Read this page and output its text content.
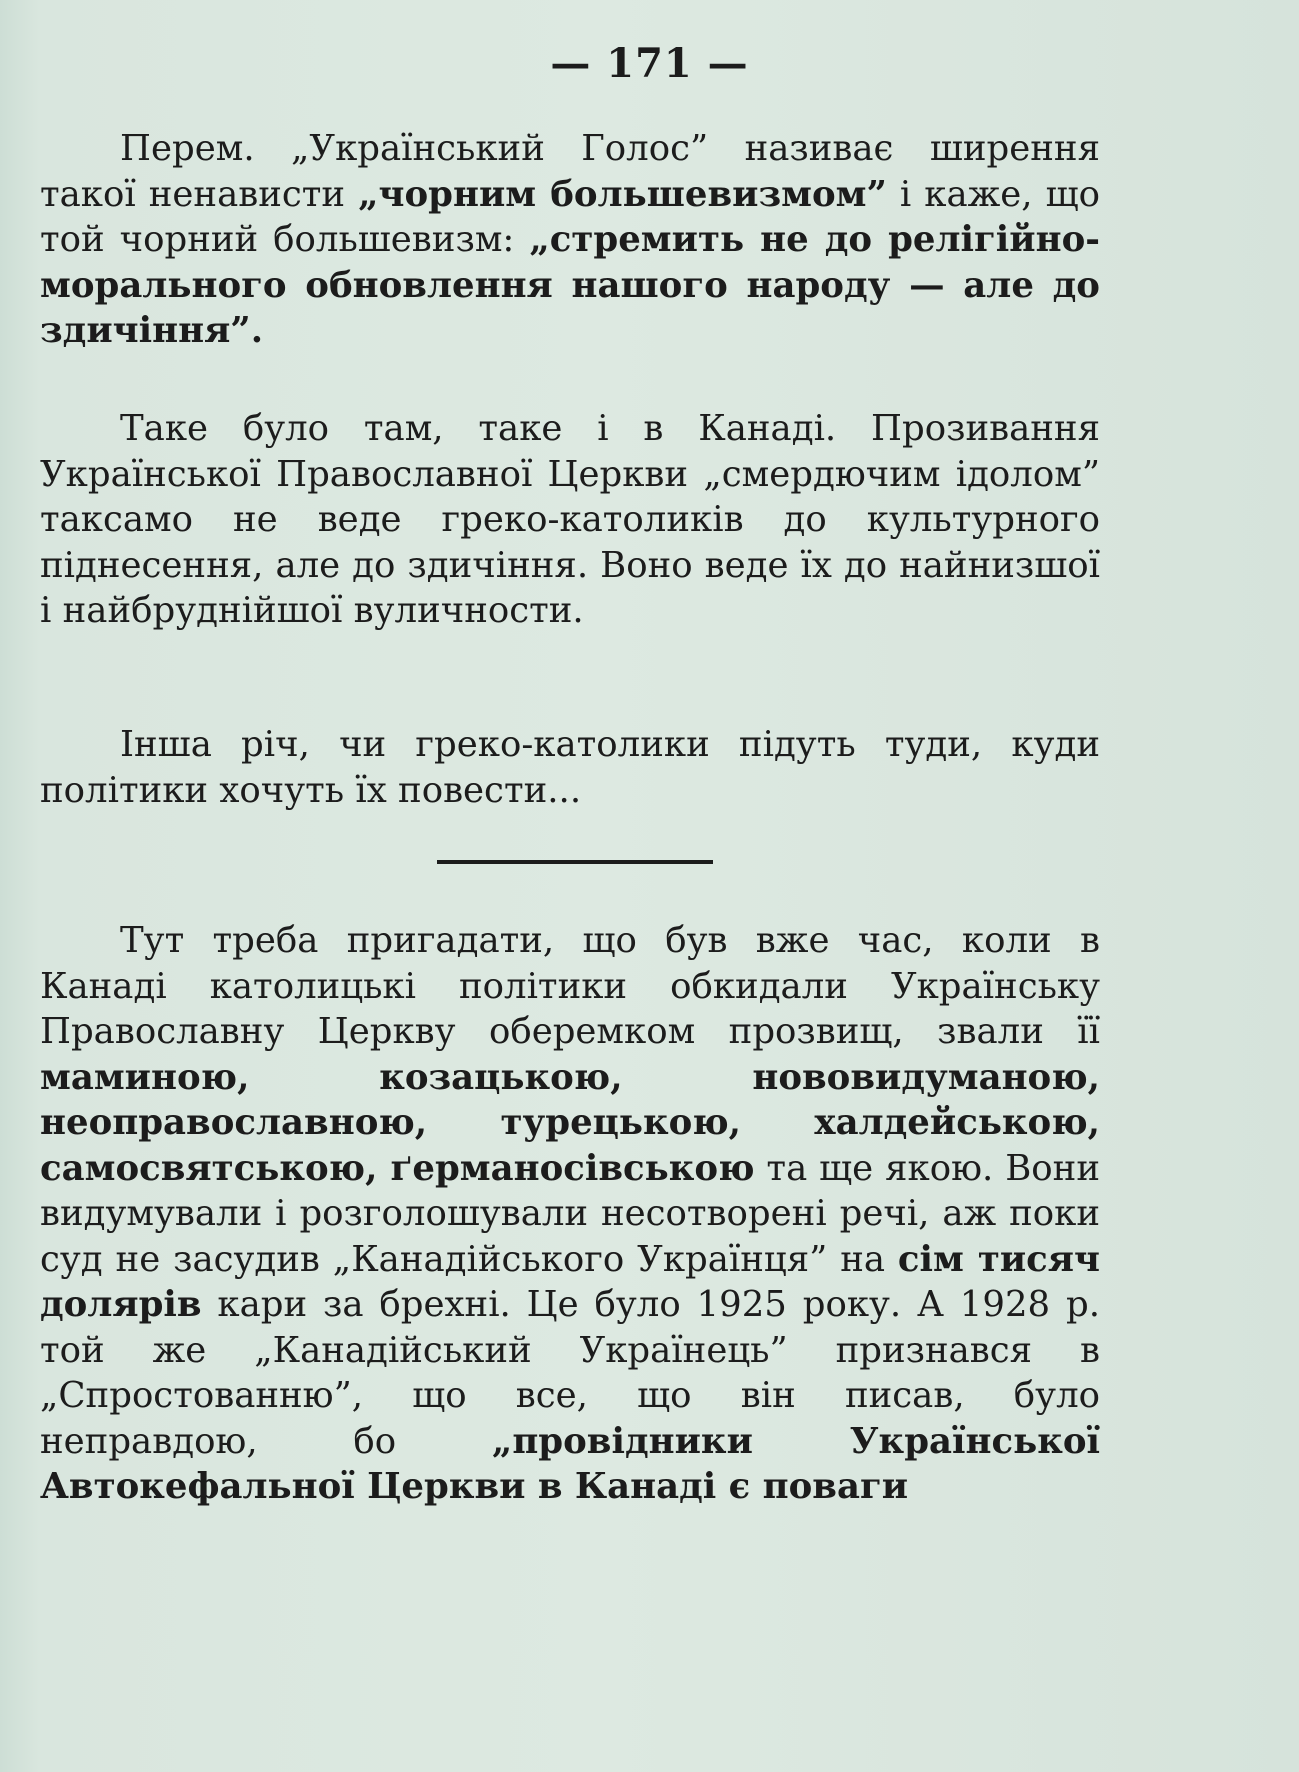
— 171 —

Перем. „Український Голос” називає ширення такої ненависти „чорним большевизмом” і каже, що той чорний большевизм: „стремить не до релігійно-морального обновлення нашого народу — але до здичіння”.

Таке було там, таке і в Канаді. Прозивання Української Православної Церкви „смердючим ідолом” таксамо не веде греко-католиків до культурного піднесення, але до здичіння. Воно веде їх до найнизшої і найбруднійшої вуличности.

Інша річ, чи греко-католики підуть туди, куди політики хочуть їх повести...

Тут треба пригадати, що був вже час, коли в Канаді католицькі політики обкидали Українську Православну Церкву оберемком прозвищ, звали її маминою, козацькою, нововидуманою, неоправославною, турецькою, халдейською, самосвятською, ґерманосівською та ще якою. Вони видумували і розголошували несотворені речі, аж поки суд не засудив „Канадійського Українця” на сім тисяч долярів кари за брехні. Це було 1925 року. А 1928 р. той же „Канадійський Українець” признався в „Спростованню”, що все, що він писав, було неправдою, бо „провідники Української Автокефальної Церкви в Канаді є поваги
